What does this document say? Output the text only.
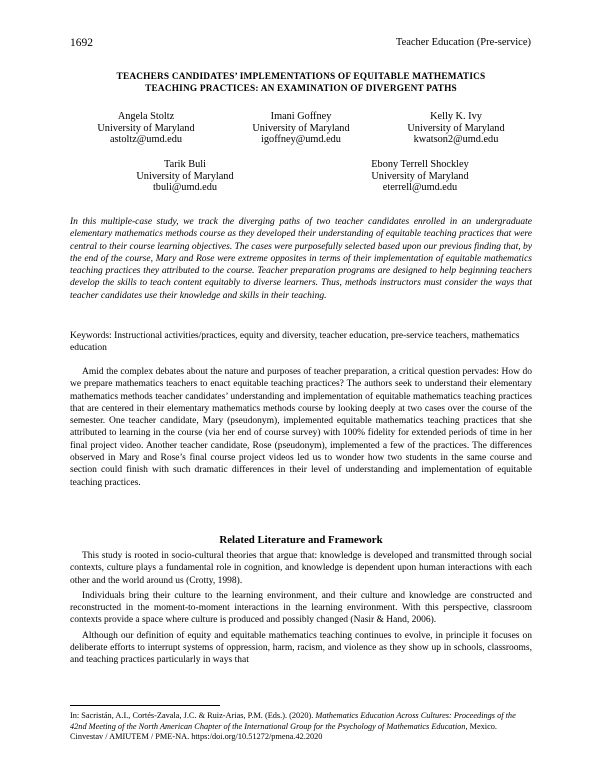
1692	Teacher Education (Pre-service)
TEACHERS CANDIDATES’ IMPLEMENTATIONS OF EQUITABLE MATHEMATICS
TEACHING PRACTICES: AN EXAMINATION OF DIVERGENT PATHS
Angela Stoltz
University of Maryland
astoltz@umd.edu
Imani Goffney
University of Maryland
igoffney@umd.edu
Kelly K. Ivy
University of Maryland
kwatson2@umd.edu
Tarik Buli
University of Maryland
tbuli@umd.edu
Ebony Terrell Shockley
University of Maryland
eterrell@umd.edu
In this multiple-case study, we track the diverging paths of two teacher candidates enrolled in an undergraduate elementary mathematics methods course as they developed their understanding of equitable teaching practices that were central to their course learning objectives. The cases were purposefully selected based upon our previous finding that, by the end of the course, Mary and Rose were extreme opposites in terms of their implementation of equitable mathematics teaching practices they attributed to the course. Teacher preparation programs are designed to help beginning teachers develop the skills to teach content equitably to diverse learners. Thus, methods instructors must consider the ways that teacher candidates use their knowledge and skills in their teaching.
Keywords: Instructional activities/practices, equity and diversity, teacher education, pre-service teachers, mathematics education

Amid the complex debates about the nature and purposes of teacher preparation, a critical question pervades: How do we prepare mathematics teachers to enact equitable teaching practices? The authors seek to understand their elementary mathematics methods teacher candidates’ understanding and implementation of equitable mathematics teaching practices that are centered in their elementary mathematics methods course by looking deeply at two cases over the course of the semester. One teacher candidate, Mary (pseudonym), implemented equitable mathematics teaching practices that she attributed to learning in the course (via her end of course survey) with 100% fidelity for extended periods of time in her final project video. Another teacher candidate, Rose (pseudonym), implemented a few of the practices. The differences observed in Mary and Rose’s final course project videos led us to wonder how two students in the same course and section could finish with such dramatic differences in their level of understanding and implementation of equitable teaching practices.

Related Literature and Framework

This study is rooted in socio-cultural theories that argue that: knowledge is developed and transmitted through social contexts, culture plays a fundamental role in cognition, and knowledge is dependent upon human interactions with each other and the world around us (Crotty, 1998).

Individuals bring their culture to the learning environment, and their culture and knowledge are constructed and reconstructed in the moment-to-moment interactions in the learning environment. With this perspective, classroom contexts provide a space where culture is produced and possibly changed (Nasir & Hand, 2006).

Although our definition of equity and equitable mathematics teaching continues to evolve, in principle it focuses on deliberate efforts to interrupt systems of oppression, harm, racism, and violence as they show up in schools, classrooms, and teaching practices particularly in ways that

In: Sacristán, A.I., Cortés-Zavala, J.C. & Ruiz-Arias, P.M. (Eds.). (2020). Mathematics Education Across Cultures: Proceedings of the 42nd Meeting of the North American Chapter of the International Group for the Psychology of Mathematics Education, Mexico. Cinvestav / AMIUTEM / PME-NA. https:/doi.org/10.51272/pmena.42.2020
